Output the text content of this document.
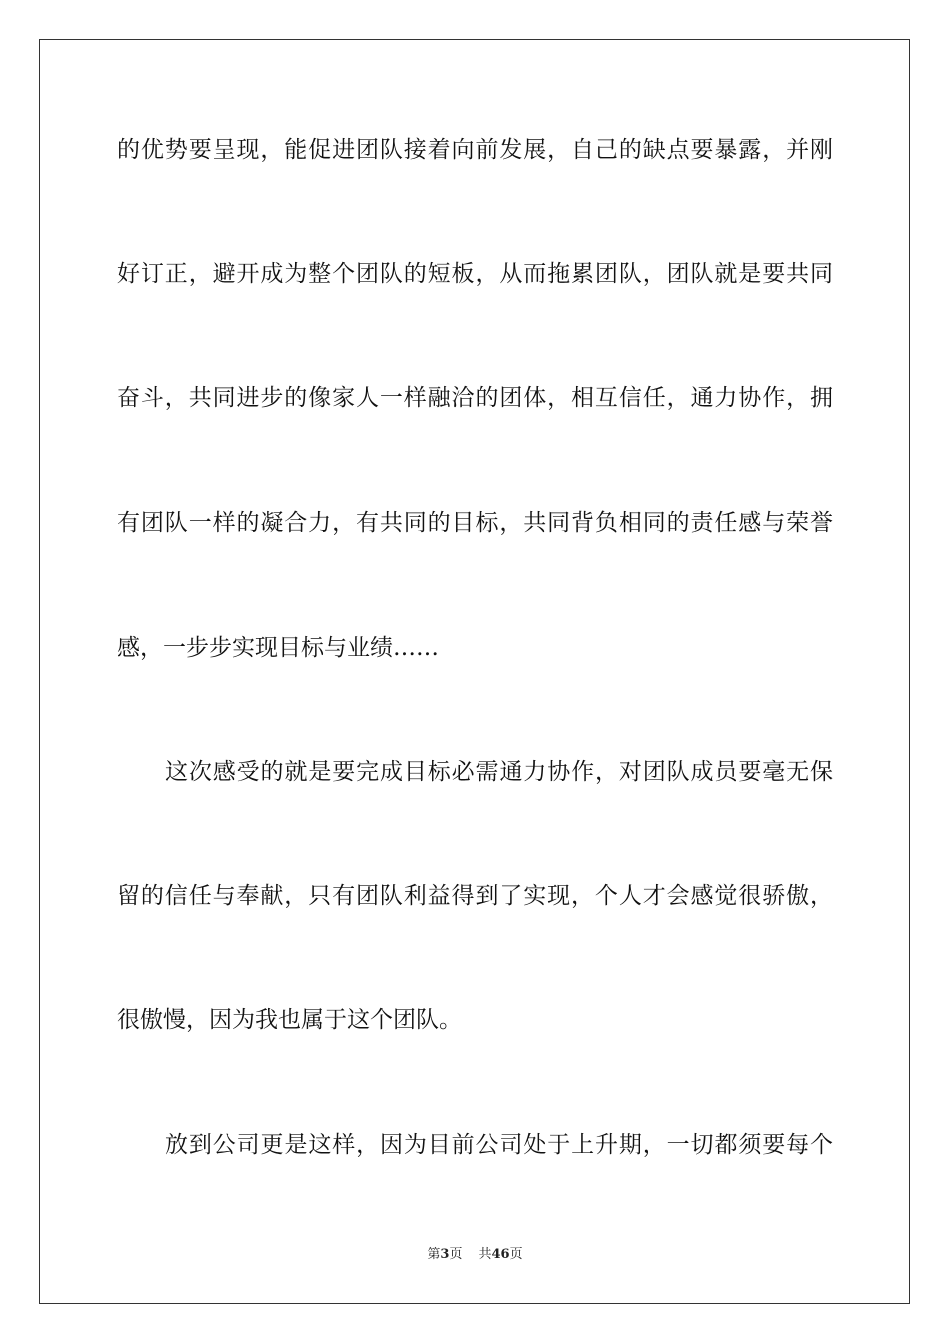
的优势要呈现，能促进团队接着向前发展，自己的缺点要暴露，并刚
好订正，避开成为整个团队的短板，从而拖累团队，团队就是要共同
奋斗，共同进步的像家人一样融洽的团体，相互信任，通力协作，拥
有团队一样的凝合力，有共同的目标，共同背负相同的责任感与荣誉
感，一步步实现目标与业绩……
这次感受的就是要完成目标必需通力协作，对团队成员要毫无保
留的信任与奉献，只有团队利益得到了实现，个人才会感觉很骄傲，
很傲慢，因为我也属于这个团队。
放到公司更是这样，因为目前公司处于上升期，一切都须要每个
第3页 共46页
